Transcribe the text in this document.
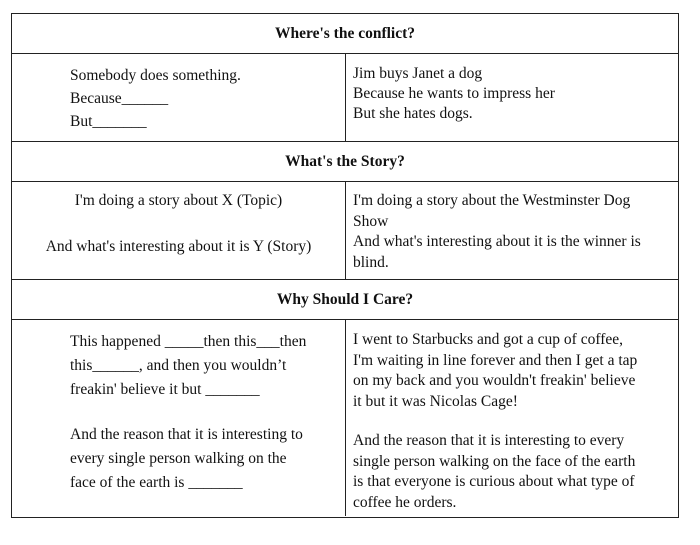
Where's the conflict?
Somebody does something.
Because______
But_______
Jim buys Janet a dog
Because he wants to impress her
But she hates dogs.
What's the Story?
I'm doing a story about X (Topic)
And what's interesting about it is Y (Story)
I'm doing a story about the Westminster Dog
Show
And what's interesting about it is the winner is
blind.
Why Should I Care?
This happened _____then this___then
this______, and then you wouldn’t
freakin' believe it but _______
And the reason that it is interesting to
every single person walking on the
face of the earth is _______
I went to Starbucks and got a cup of coffee,
I'm waiting in line forever and then I get a tap
on my back and you wouldn't freakin' believe
it but it was Nicolas Cage!
And the reason that it is interesting to every
single person walking on the face of the earth
is that everyone is curious about what type of
coffee he orders.
